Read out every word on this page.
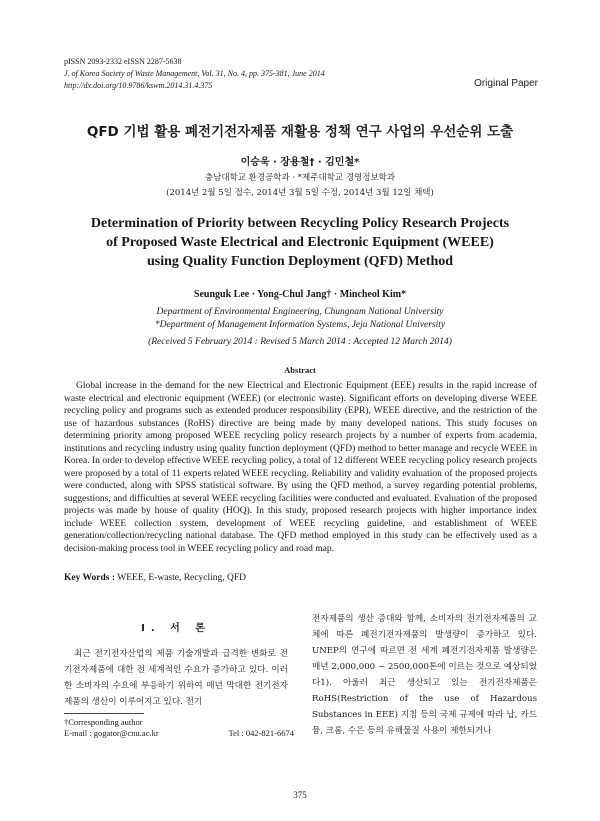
pISSN 2093-2332 eISSN 2287-5638
J. of Korea Society of Waste Management, Vol. 31, No. 4, pp. 375-381, June 2014
http://dx.doi.org/10.9786/kswm.2014.31.4.375	Original Paper
QFD 기법 활용 폐전기전자제품 재활용 정책 연구 사업의 우선순위 도출
이승욱 · 장용철† · 김민철*
충남대학교 환경공학과 · *제주대학교 경영정보학과
(2014년 2월 5일 접수, 2014년 3월 5일 수정, 2014년 3월 12일 채택)
Determination of Priority between Recycling Policy Research Projects
of Proposed Waste Electrical and Electronic Equipment (WEEE)
using Quality Function Deployment (QFD) Method
Seunguk Lee · Yong-Chul Jang† · Mincheol Kim*
Department of Environmental Engineering, Chungnam National University
*Department of Management Information Systems, Jeju National University
(Received 5 February 2014 : Revised 5 March 2014 : Accepted 12 March 2014)
Abstract
Global increase in the demand for the new Electrical and Electronic Equipment (EEE) results in the rapid increase of waste electrical and electronic equipment (WEEE) (or electronic waste). Significant efforts on developing diverse WEEE recycling policy and programs such as extended producer responsibility (EPR), WEEE directive, and the restriction of the use of hazardous substances (RoHS) directive are being made by many developed nations. This study focuses on determining priority among proposed WEEE recycling policy research projects by a number of experts from academia, institutions and recycling industry using quality function deployment (QFD) method to better manage and recycle WEEE in Korea. In order to develop effective WEEE recycling policy, a total of 12 different WEEE recycling policy research projects were proposed by a total of 11 experts related WEEE recycling. Reliability and validity evaluation of the proposed projects were conducted, along with SPSS statistical software. By using the QFD method, a survey regarding potential problems, suggestions, and difficulties at several WEEE recycling facilities were conducted and evaluated. Evaluation of the proposed projects was made by house of quality (HOQ). In this study, proposed research projects with higher importance index include WEEE collection system, development of WEEE recycling guideline, and establishment of WEEE generation/collection/recycling national database. The QFD method employed in this study can be effectively used as a decision-making process tool in WEEE recycling policy and road map.
Key Words : WEEE, E-waste, Recycling, QFD
I. 서 론

최근 전기전자산업의 제품 기술개발과 급격한 변화로 전기전자제품에 대한 전 세계적인 수요가 증가하고 있다. 이러한 소비자의 수요에 부응하기 위하여 매년 막대한 전기전자제품의 생산이 이루어지고 있다. 전기

전자제품의 생산 증대와 함께, 소비자의 전기전자제품의 교체에 따른 폐전기전자제품의 발생량이 증가하고 있다. UNEP의 연구에 따르면 전 세계 폐전기전자제품 발생량은 매년 2,000,000 ~ 2500,000톤에 이르는 것으로 예상되었다1). 아울러 최근 생산되고 있는 전기전자제품은 RoHS(Restriction of the use of Hazardous Substances in EEE) 지침 등의 국제 규제에 따라 납, 카드뮴, 크롬, 수은 등의 유해물질 사용이 제한되거나

†Corresponding author
E-mail : gogator@cnu.ac.kr	Tel : 042-821-6674
375
